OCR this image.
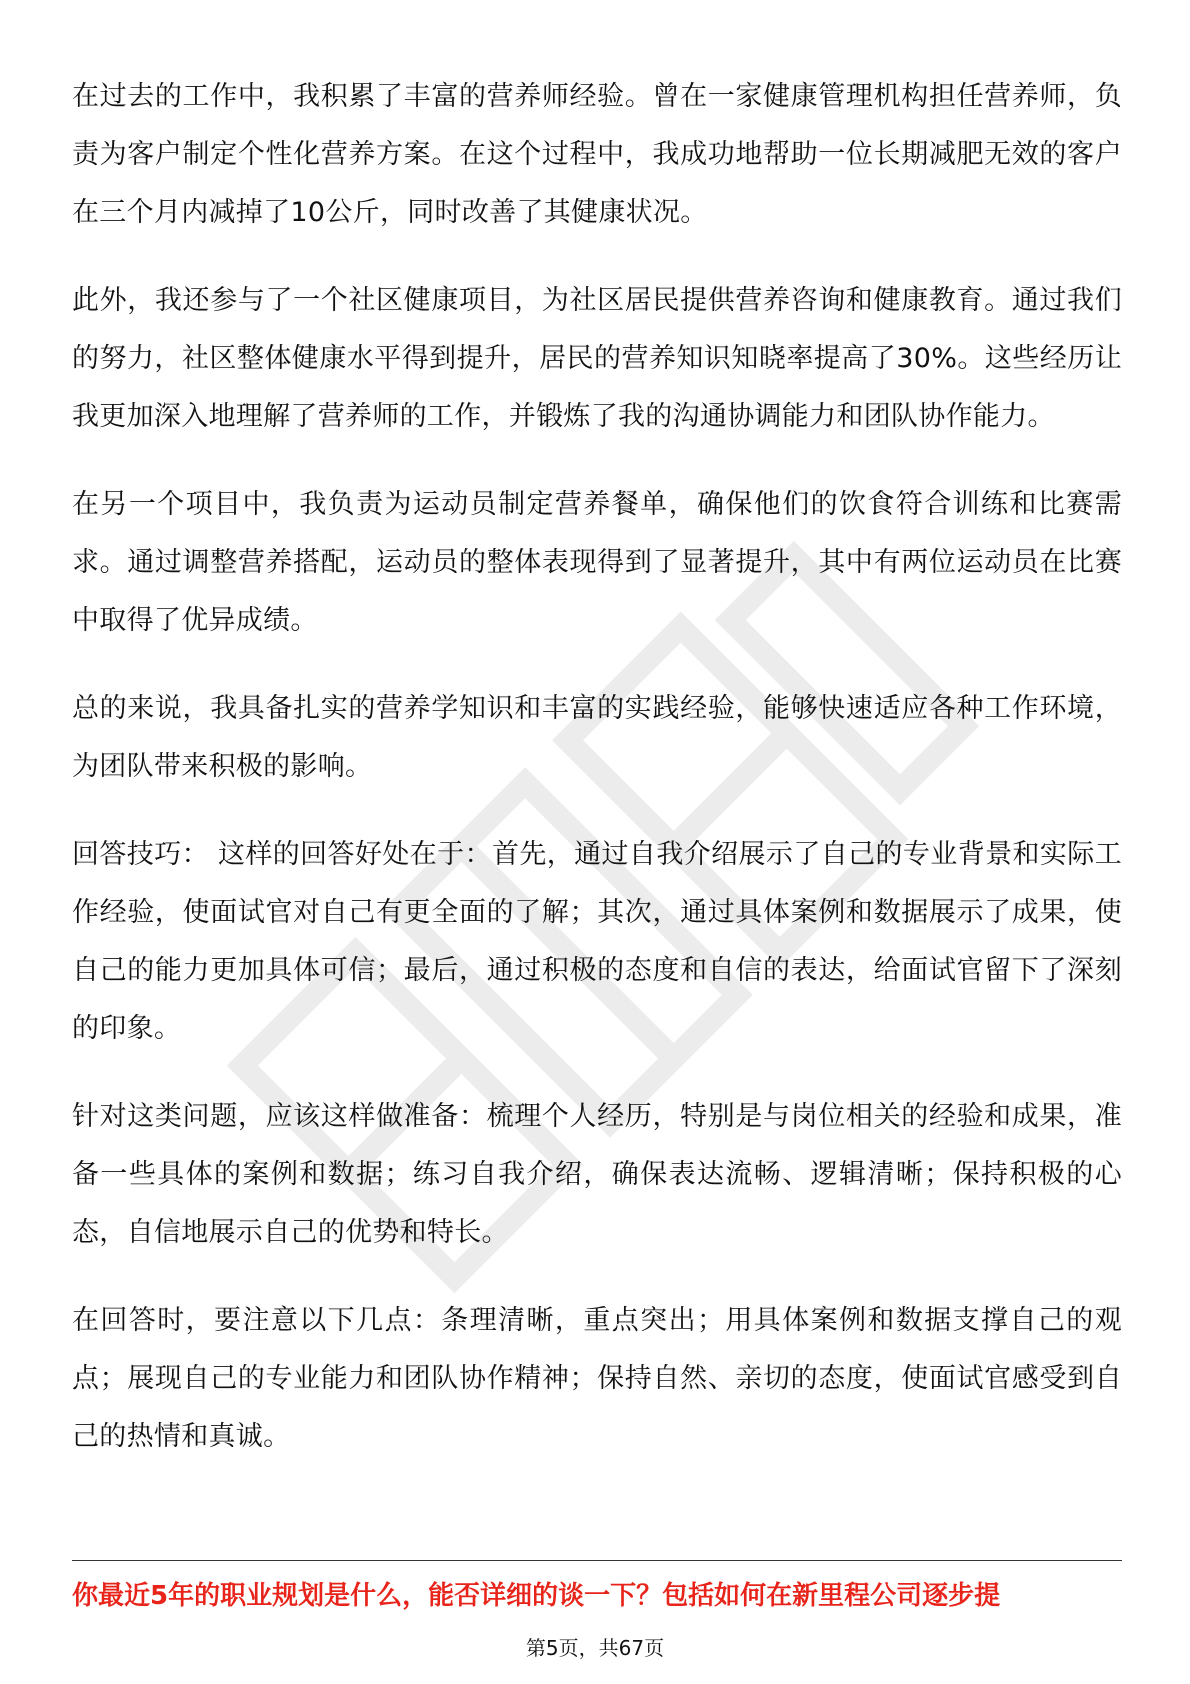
在过去的工作中，我积累了丰富的营养师经验。曾在一家健康管理机构担任营养师，负责为客户制定个性化营养方案。在这个过程中，我成功地帮助一位长期减肥无效的客户在三个月内减掉了10公斤，同时改善了其健康状况。

此外，我还参与了一个社区健康项目，为社区居民提供营养咨询和健康教育。通过我们的努力，社区整体健康水平得到提升，居民的营养知识知晓率提高了30%。这些经历让我更加深入地理解了营养师的工作，并锻炼了我的沟通协调能力和团队协作能力。

在另一个项目中，我负责为运动员制定营养餐单，确保他们的饮食符合训练和比赛需求。通过调整营养搭配，运动员的整体表现得到了显著提升，其中有两位运动员在比赛中取得了优异成绩。

总的来说，我具备扎实的营养学知识和丰富的实践经验，能够快速适应各种工作环境，为团队带来积极的影响。

回答技巧： 这样的回答好处在于：首先，通过自我介绍展示了自己的专业背景和实际工作经验，使面试官对自己有更全面的了解；其次，通过具体案例和数据展示了成果，使自己的能力更加具体可信；最后，通过积极的态度和自信的表达，给面试官留下了深刻的印象。

针对这类问题，应该这样做准备：梳理个人经历，特别是与岗位相关的经验和成果，准备一些具体的案例和数据；练习自我介绍，确保表达流畅、逻辑清晰；保持积极的心态，自信地展示自己的优势和特长。

在回答时，要注意以下几点：条理清晰，重点突出；用具体案例和数据支撑自己的观点；展现自己的专业能力和团队协作精神；保持自然、亲切的态度，使面试官感受到自己的热情和真诚。

你最近5年的职业规划是什么，能否详细的谈一下？包括如何在新里程公司逐步提
第5页，共67页
